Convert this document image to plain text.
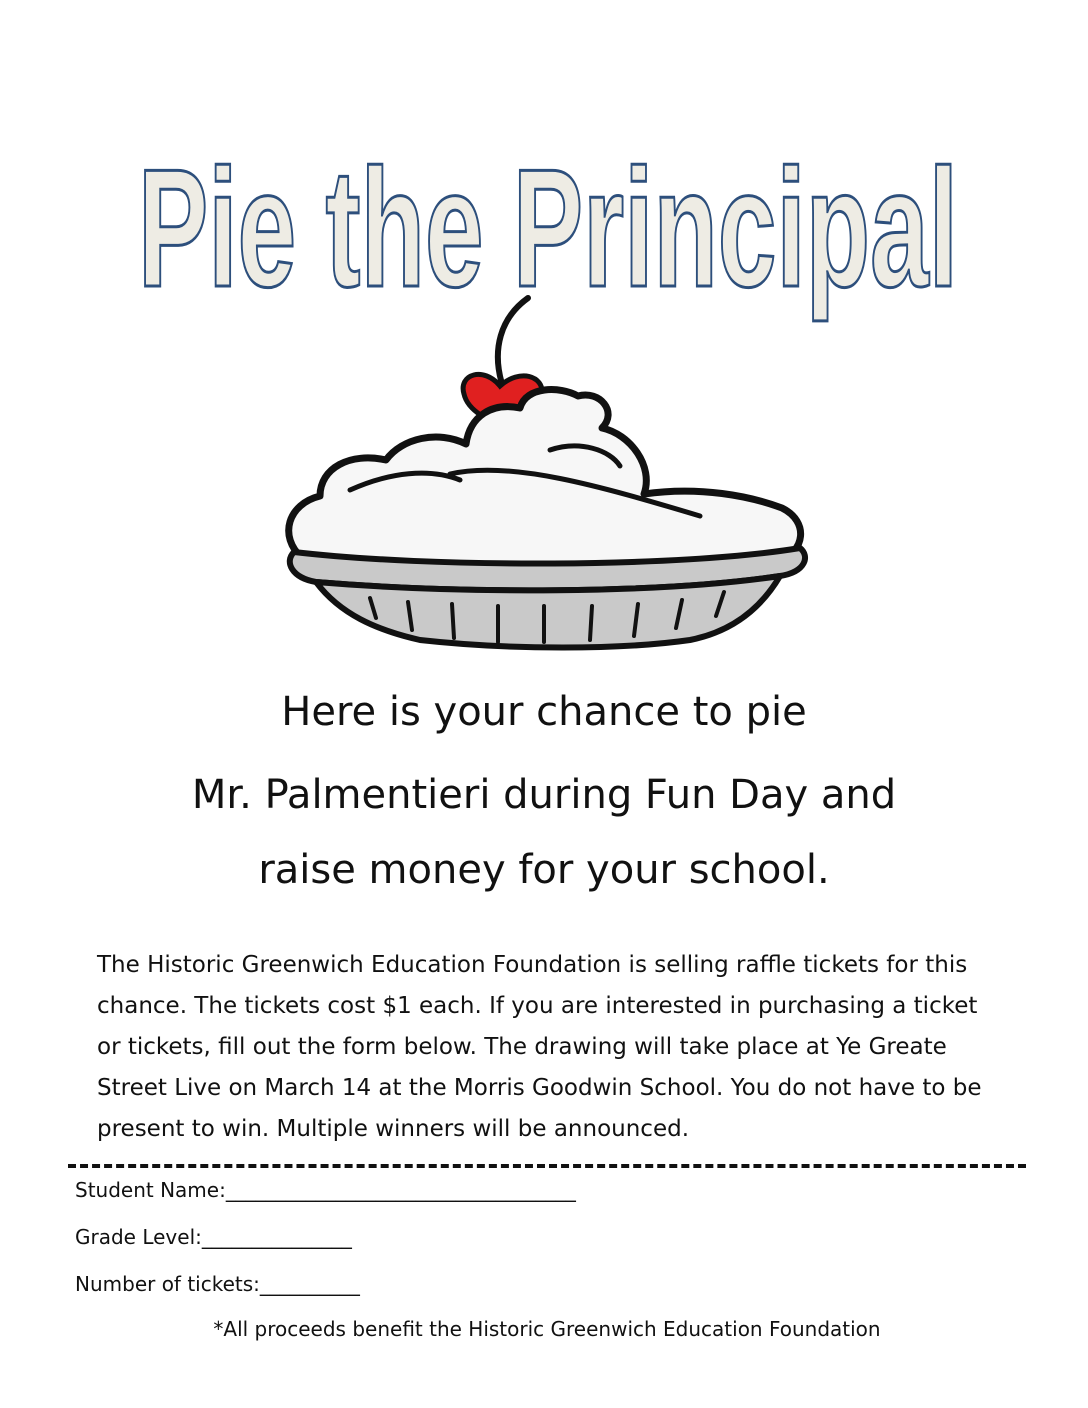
Pie the Principal
Here is your chance to pie
Mr. Palmentieri during Fun Day and
raise money for your school.

The Historic Greenwich Education Foundation is selling raffle tickets for this

chance. The tickets cost $1 each. If you are interested in purchasing a ticket

or tickets, fill out the form below. The drawing will take place at Ye Greate

Street Live on March 14 at the Morris Goodwin School. You do not have to be

present to win. Multiple winners will be announced.

Student Name:___________________________________
Grade Level:_______________
Number of tickets:__________
*All proceeds benefit the Historic Greenwich Education Foundation
